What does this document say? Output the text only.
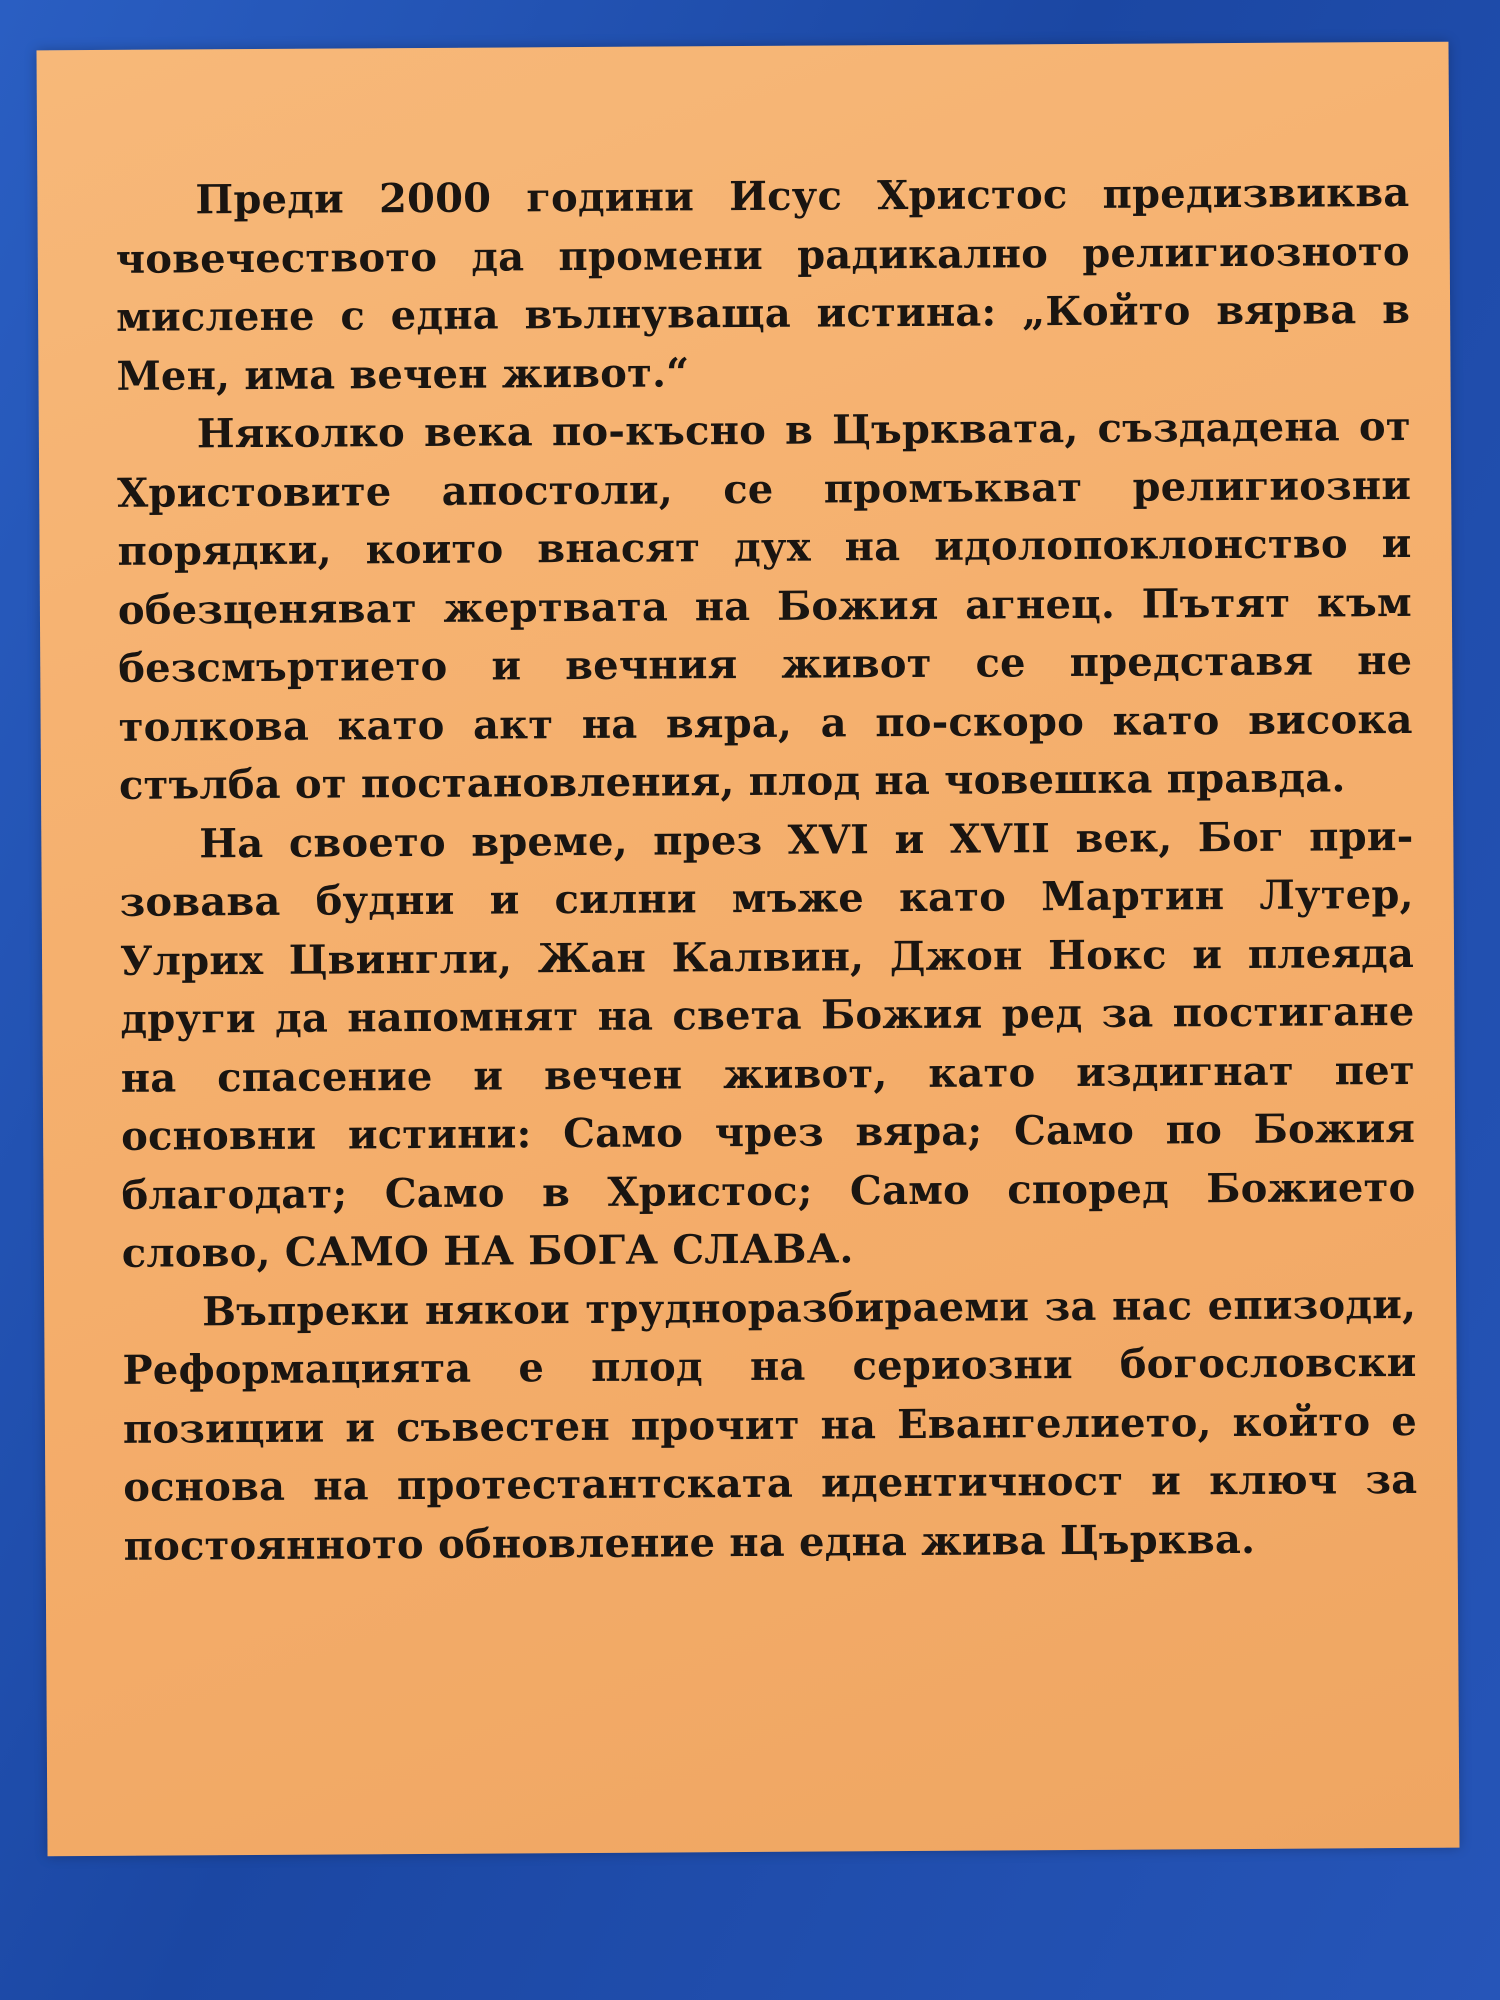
Преди 2000 години Исус Христос предизвиква човечеството да промени радикално религиозното мислене с една вълнуваща истина: „Който вярва в Мен, има вечен живот.“

Няколко века по-късно в Църквата, създадена от Христовите апостоли, се промъкват религиозни порядки, които внасят дух на идолопоклонство и обезценяват жертвата на Божия агнец. Пътят към безсмъртието и вечния живот се представя не толкова като акт на вяра, а по-скоро като висока стълба от постановления, плод на човешка правда.

На своето време, през XVI и XVII век, Бог призовава будни и силни мъже като Мартин Лутер, Улрих Цвингли, Жан Калвин, Джон Нокс и плеяда други да напомнят на света Божия ред за постигане на спасение и вечен живот, като издигнат пет основни истини: Само чрез вяра; Само по Божия благодат; Само в Христос; Само според Божието слово, САМО НА БОГА СЛАВА.

Въпреки някои трудноразбираеми за нас епизоди, Реформацията е плод на сериозни богословски позиции и съвестен прочит на Евангелието, който е основа на протестантската идентичност и ключ за постоянното обновление на една жива Църква.
